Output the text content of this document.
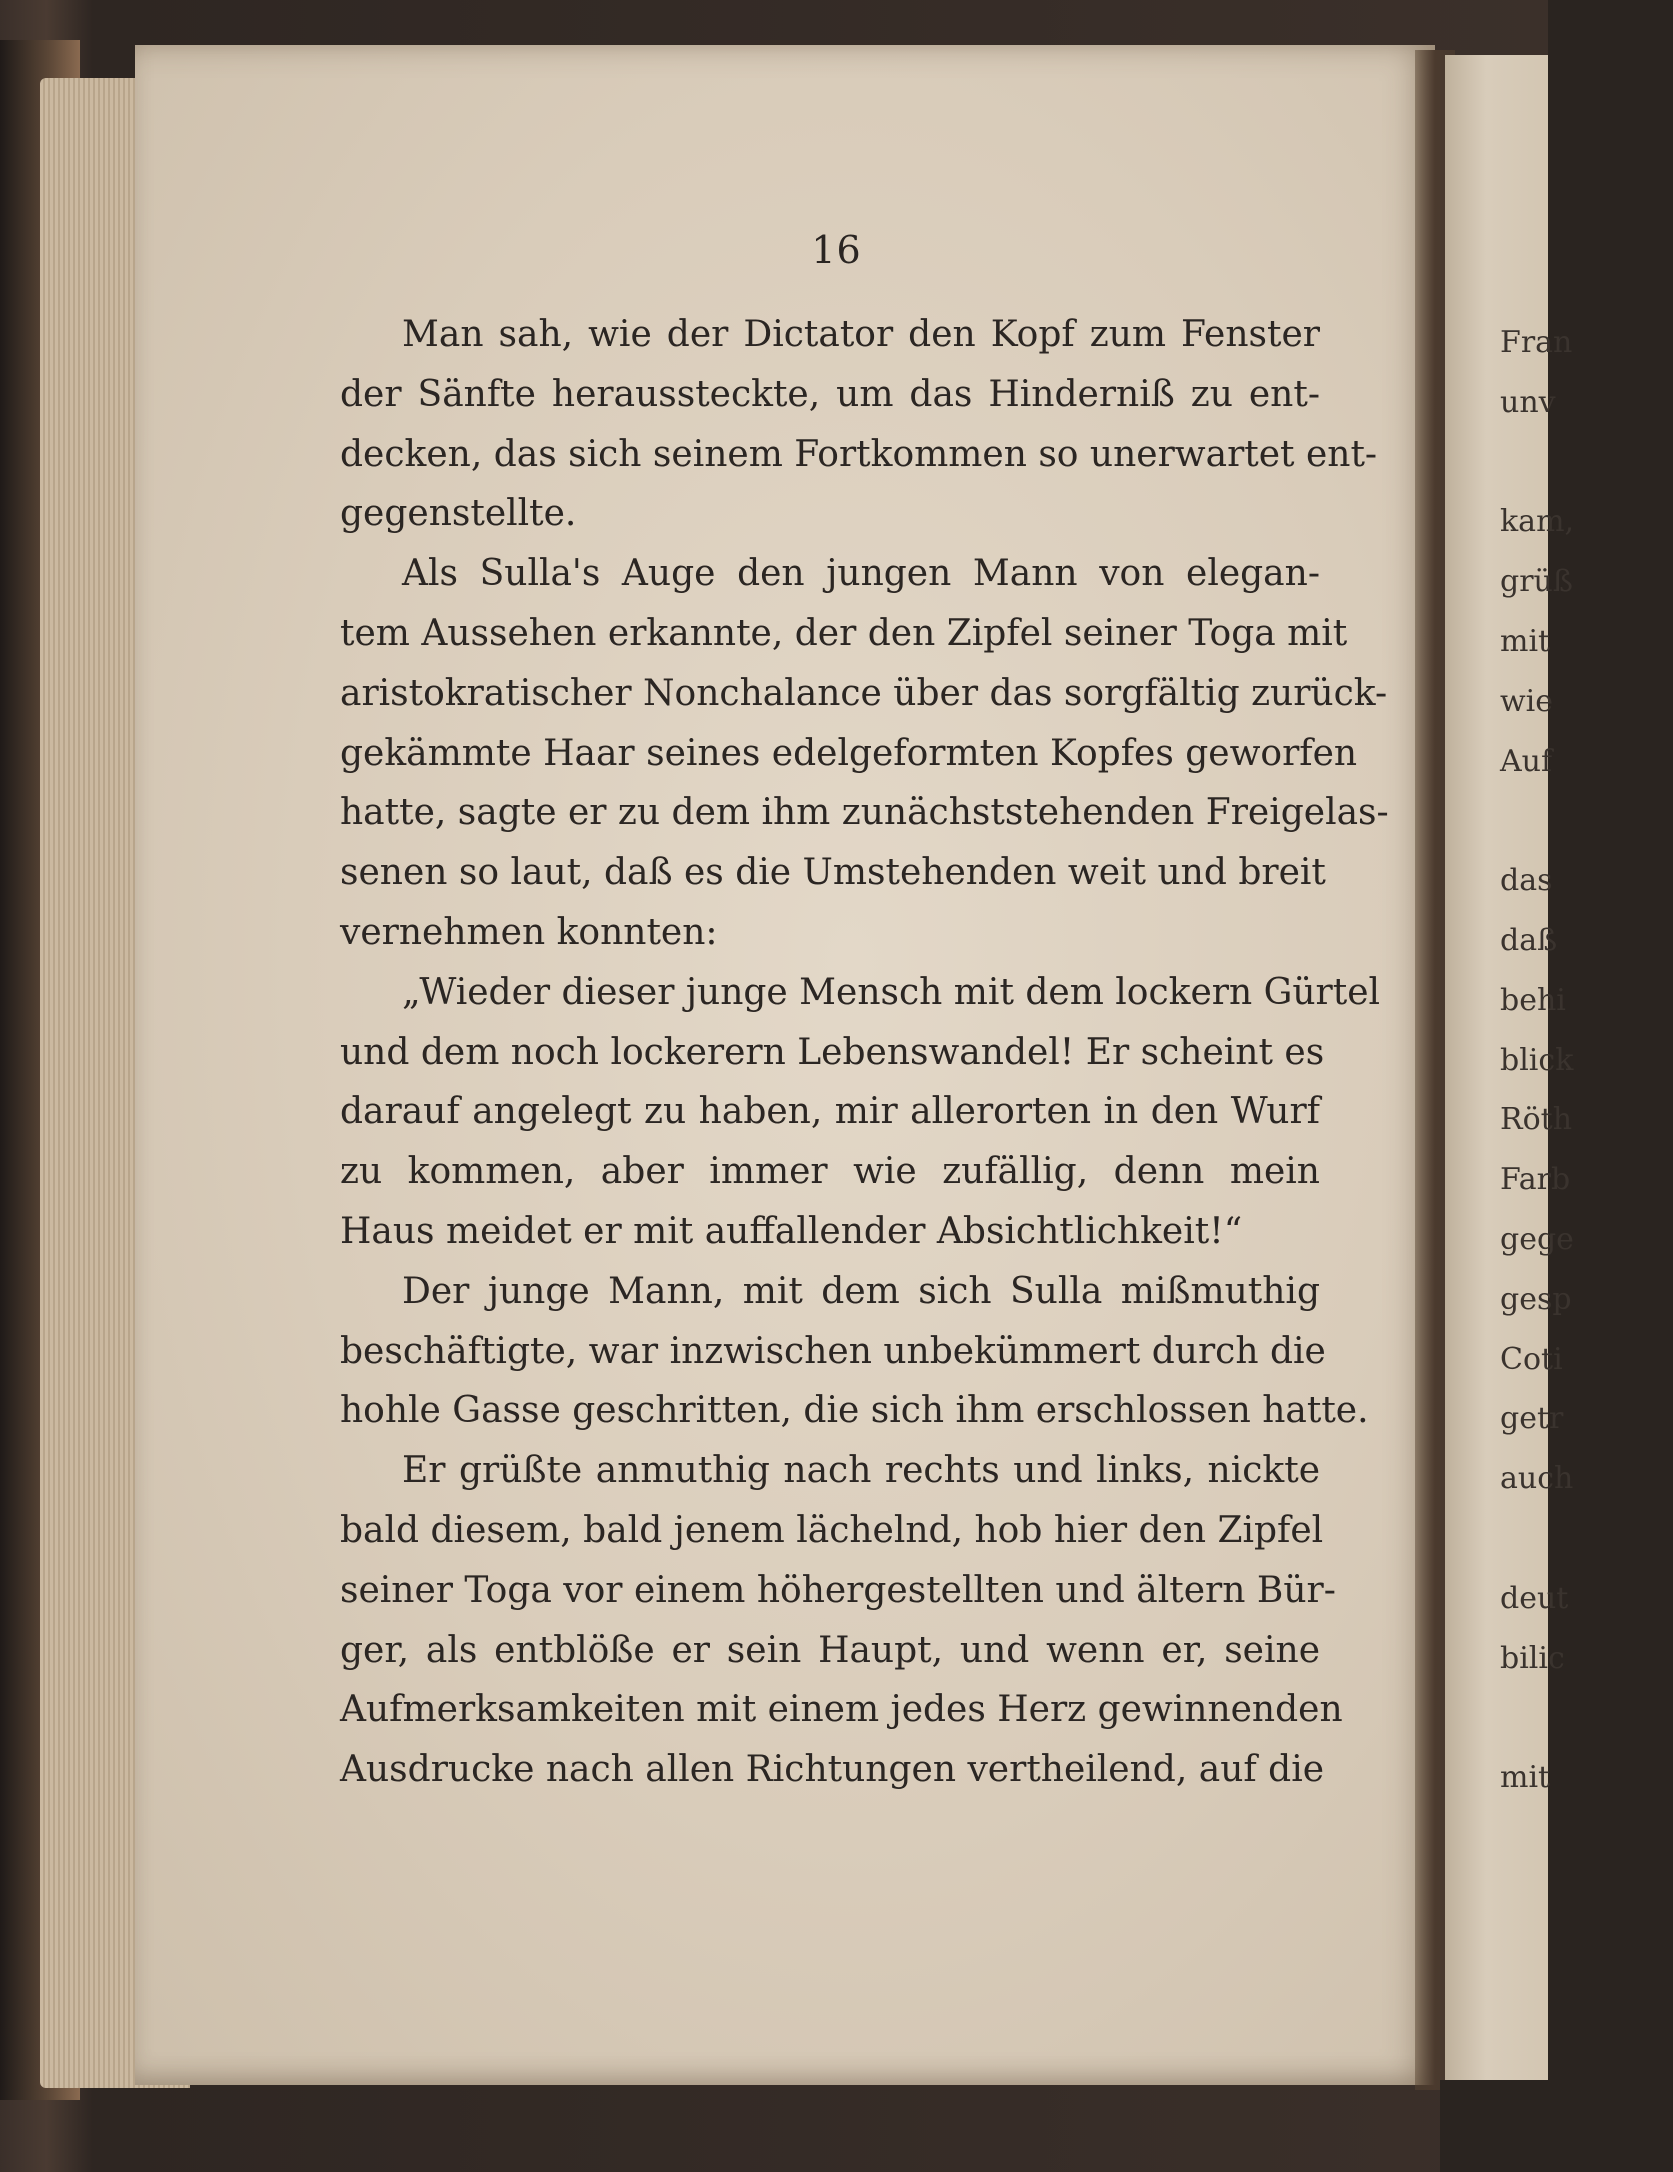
16
Man sah, wie der Dictator den Kopf zum Fenster
der Sänfte heraussteckte, um das Hinderniß zu ent-
decken, das sich seinem Fortkommen so unerwartet ent-
gegenstellte.
Als Sulla's Auge den jungen Mann von elegan-
tem Aussehen erkannte, der den Zipfel seiner Toga mit
aristokratischer Nonchalance über das sorgfältig zurück-
gekämmte Haar seines edelgeformten Kopfes geworfen
hatte, sagte er zu dem ihm zunächststehenden Freigelas-
senen so laut, daß es die Umstehenden weit und breit
vernehmen konnten:
„Wieder dieser junge Mensch mit dem lockern Gürtel
und dem noch lockerern Lebenswandel! Er scheint es
darauf angelegt zu haben, mir allerorten in den Wurf
zu kommen, aber immer wie zufällig, denn mein
Haus meidet er mit auffallender Absichtlichkeit!“
Der junge Mann, mit dem sich Sulla mißmuthig
beschäftigte, war inzwischen unbekümmert durch die
hohle Gasse geschritten, die sich ihm erschlossen hatte.
Er grüßte anmuthig nach rechts und links, nickte
bald diesem, bald jenem lächelnd, hob hier den Zipfel
seiner Toga vor einem höhergestellten und ältern Bür-
ger, als entblöße er sein Haupt, und wenn er, seine
Aufmerksamkeiten mit einem jedes Herz gewinnenden
Ausdrucke nach allen Richtungen vertheilend, auf die
Fran
unv
kam,
grüß
mit
wie
Auf
das
daß
behi
blick
Röth
Farb
gege
gesp
Coti
getr
auch
deut
bilic
mit
